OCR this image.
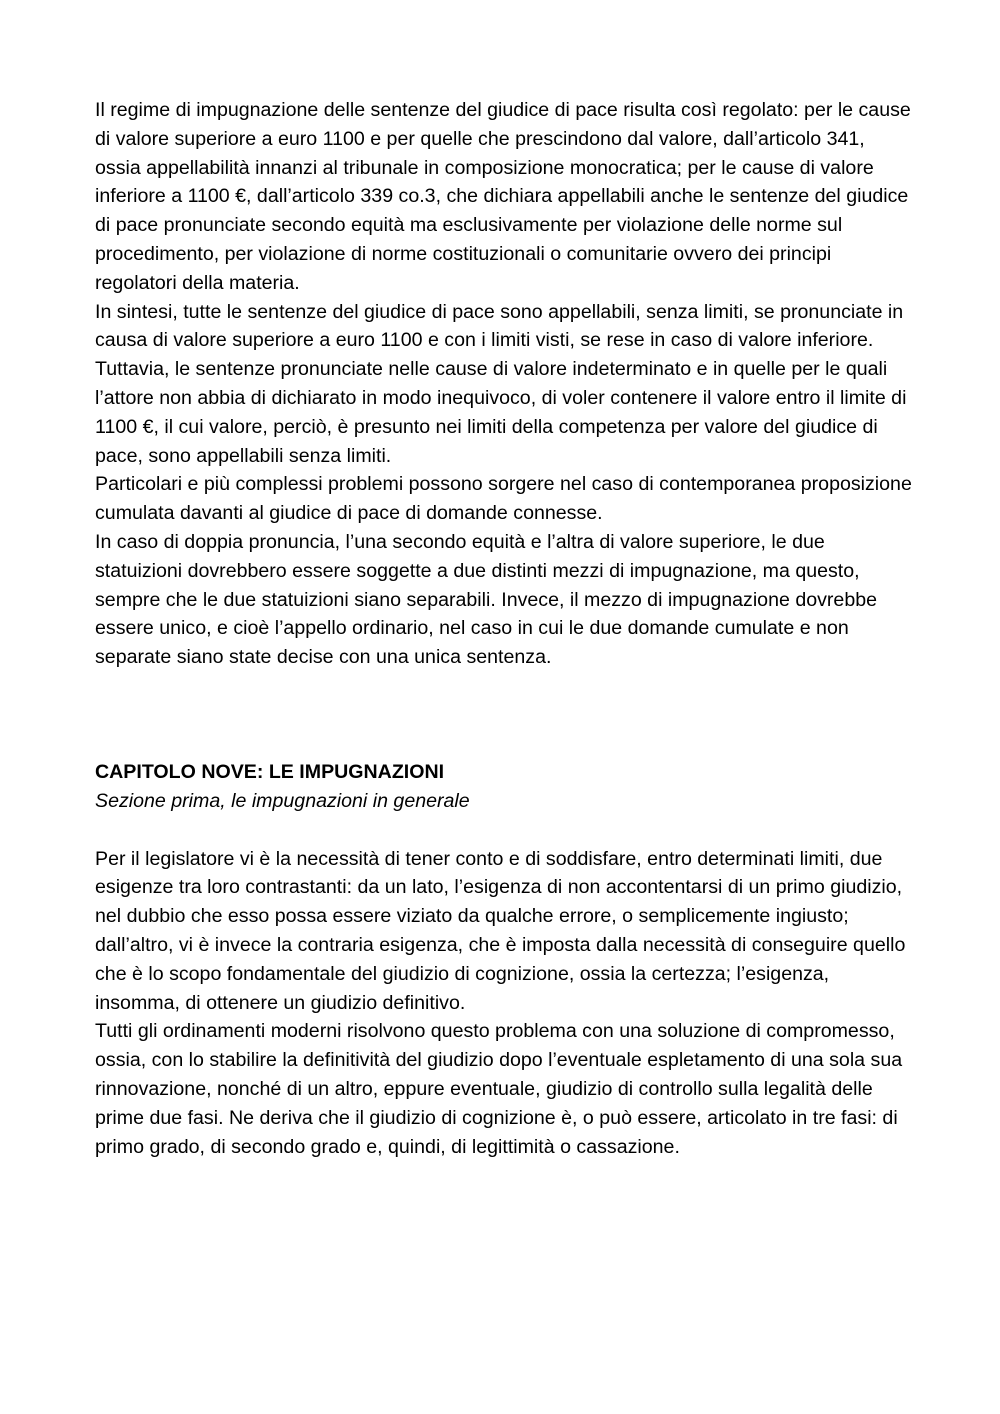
Il regime di impugnazione delle sentenze del giudice di pace risulta così regolato: per le cause di valore superiore a euro 1100 e per quelle che prescindono dal valore, dall’articolo 341, ossia appellabilità innanzi al tribunale in composizione monocratica; per le cause di valore inferiore a 1100 €, dall’articolo 339 co.3, che dichiara appellabili anche le sentenze del giudice di pace pronunciate secondo equità ma esclusivamente per violazione delle norme sul procedimento, per violazione di norme costituzionali o comunitarie ovvero dei principi regolatori della materia.

In sintesi, tutte le sentenze del giudice di pace sono appellabili, senza limiti, se pronunciate in causa di valore superiore a euro 1100 e con i limiti visti, se rese in caso di valore inferiore.

Tuttavia, le sentenze pronunciate nelle cause di valore indeterminato e in quelle per le quali l’attore non abbia di dichiarato in modo inequivoco, di voler contenere il valore entro il limite di 1100 €, il cui valore, perciò, è presunto nei limiti della competenza per valore del giudice di pace, sono appellabili senza limiti.

Particolari e più complessi problemi possono sorgere nel caso di contemporanea proposizione cumulata davanti al giudice di pace di domande connesse.

In caso di doppia pronuncia, l’una secondo equità e l’altra di valore superiore, le due statuizioni dovrebbero essere soggette a due distinti mezzi di impugnazione, ma questo, sempre che le due statuizioni siano separabili. Invece, il mezzo di impugnazione dovrebbe essere unico, e cioè l’appello ordinario, nel caso in cui le due domande cumulate e non separate siano state decise con una unica sentenza.

CAPITOLO NOVE: LE IMPUGNAZIONI

Sezione prima, le impugnazioni in generale

Per il legislatore vi è la necessità di tener conto e di soddisfare, entro determinati limiti, due esigenze tra loro contrastanti: da un lato, l’esigenza di non accontentarsi di un primo giudizio, nel dubbio che esso possa essere viziato da qualche errore, o semplicemente ingiusto; dall’altro, vi è invece la contraria esigenza, che è imposta dalla necessità di conseguire quello che è lo scopo fondamentale del giudizio di cognizione, ossia la certezza; l’esigenza, insomma, di ottenere un giudizio definitivo.

Tutti gli ordinamenti moderni risolvono questo problema con una soluzione di compromesso, ossia, con lo stabilire la definitività del giudizio dopo l’eventuale espletamento di una sola sua rinnovazione, nonché di un altro, eppure eventuale, giudizio di controllo sulla legalità delle prime due fasi. Ne deriva che il giudizio di cognizione è, o può essere, articolato in tre fasi: di primo grado, di secondo grado e, quindi, di legittimità o cassazione.
